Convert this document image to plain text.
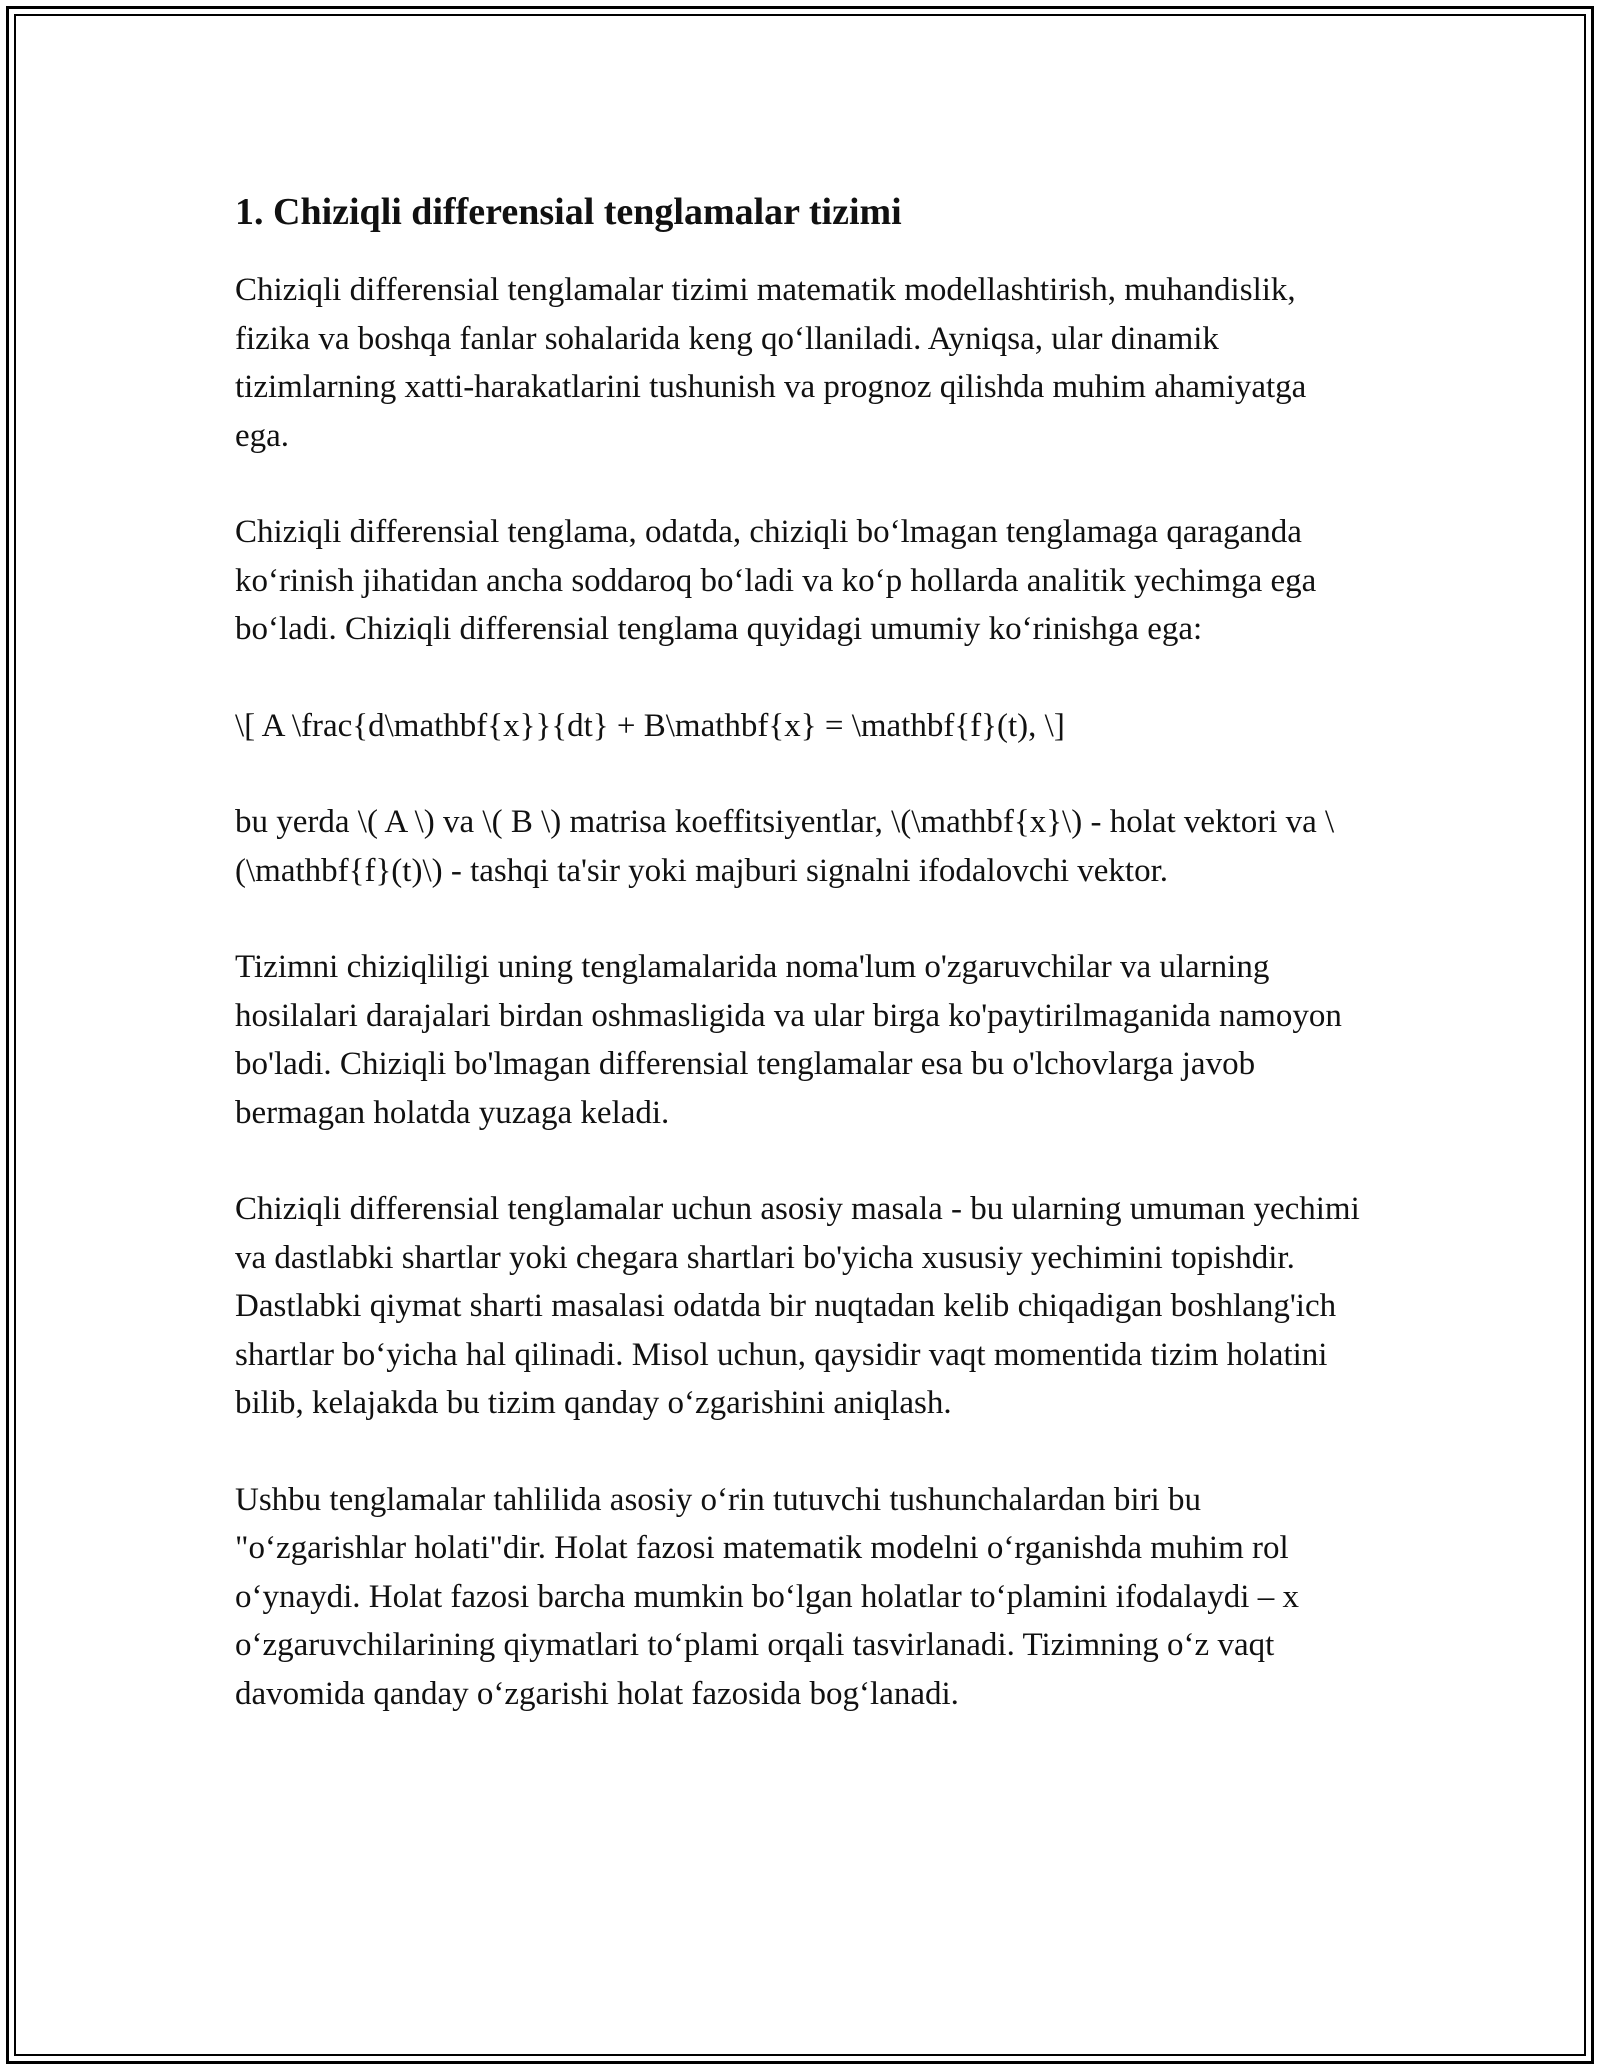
1. Chiziqli differensial tenglamalar tizimi

Chiziqli differensial tenglamalar tizimi matematik modellashtirish, muhandislik, fizika va boshqa fanlar sohalarida keng qoʻllaniladi. Ayniqsa, ular dinamik tizimlarning xatti-harakatlarini tushunish va prognoz qilishda muhim ahamiyatga ega.

Chiziqli differensial tenglama, odatda, chiziqli boʻlmagan tenglamaga qaraganda koʻrinish jihatidan ancha soddaroq boʻladi va koʻp hollarda analitik yechimga ega boʻladi. Chiziqli differensial tenglama quyidagi umumiy koʻrinishga ega:

\[ A \frac{d\mathbf{x}}{dt} + B\mathbf{x} = \mathbf{f}(t), \]

bu yerda \( A \) va \( B \) matrisa koeffitsiyentlar, \(\mathbf{x}\) - holat vektori va \(\mathbf{f}(t)\) - tashqi ta'sir yoki majburi signalni ifodalovchi vektor.

Tizimni chiziqliligi uning tenglamalarida noma'lum o'zgaruvchilar va ularning hosilalari darajalari birdan oshmasligida va ular birga ko'paytirilmaganida namoyon bo'ladi. Chiziqli bo'lmagan differensial tenglamalar esa bu o'lchovlarga javob bermagan holatda yuzaga keladi.

Chiziqli differensial tenglamalar uchun asosiy masala - bu ularning umuman yechimi va dastlabki shartlar yoki chegara shartlari bo'yicha xususiy yechimini topishdir. Dastlabki qiymat sharti masalasi odatda bir nuqtadan kelib chiqadigan boshlang'ich shartlar boʻyicha hal qilinadi. Misol uchun, qaysidir vaqt momentida tizim holatini bilib, kelajakda bu tizim qanday oʻzgarishini aniqlash.

Ushbu tenglamalar tahlilida asosiy oʻrin tutuvchi tushunchalardan biri bu "oʻzgarishlar holati"dir. Holat fazosi matematik modelni oʻrganishda muhim rol oʻynaydi. Holat fazosi barcha mumkin boʻlgan holatlar toʻplamini ifodalaydi – x oʻzgaruvchilarining qiymatlari toʻplami orqali tasvirlanadi. Tizimning oʻz vaqt davomida qanday oʻzgarishi holat fazosida bogʻlanadi.
